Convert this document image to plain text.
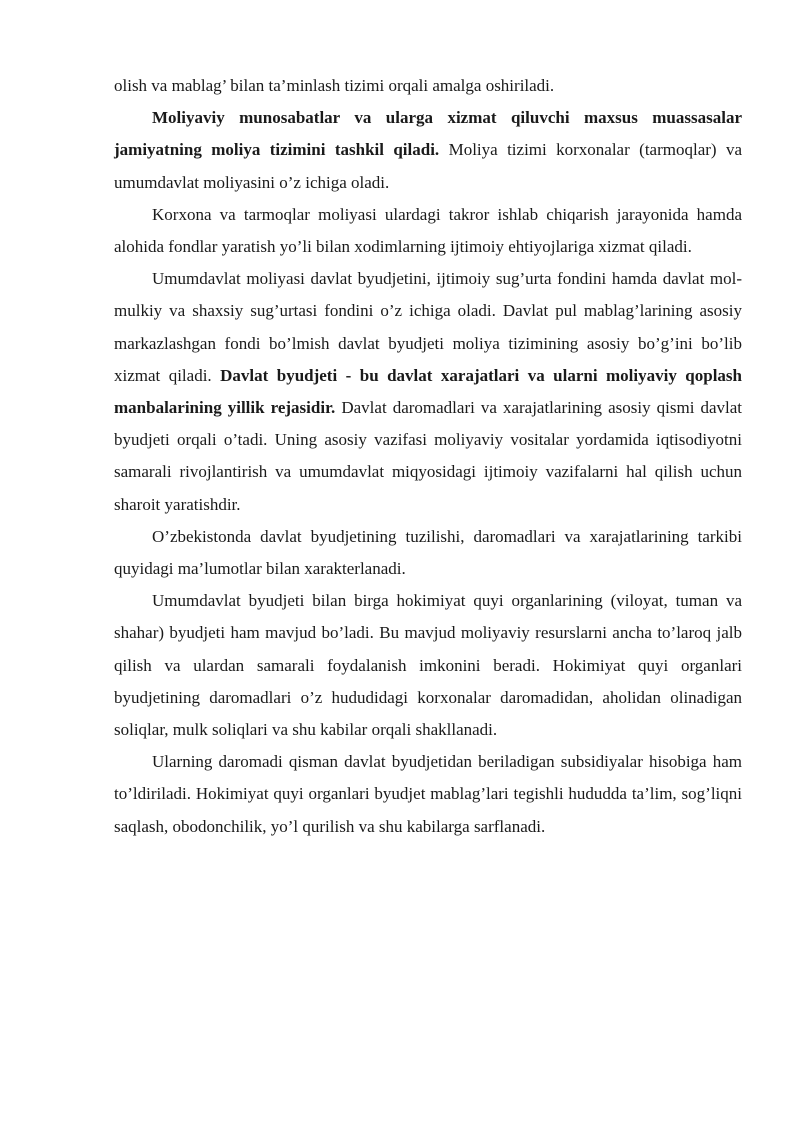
olish va mablag’ bilan ta’minlash tizimi orqali amalga oshiriladi.

Moliyaviy munosabatlar va ularga xizmat qiluvchi maxsus muassasalar jamiyatning moliya tizimini tashkil qiladi. Moliya tizimi korxonalar (tarmoqlar) va umumdavlat moliyasini o’z ichiga oladi.

Korxona va tarmoqlar moliyasi ulardagi takror ishlab chiqarish jarayonida hamda alohida fondlar yaratish yo’li bilan xodimlarning ijtimoiy ehtiyojlariga xizmat qiladi.

Umumdavlat moliyasi davlat byudjetini, ijtimoiy sug’urta fondini hamda davlat mol-mulkiy va shaxsiy sug’urtasi fondini o’z ichiga oladi. Davlat pul mablag’larining asosiy markazlashgan fondi bo’lmish davlat byudjeti moliya tizimining asosiy bo’g’ini bo’lib xizmat qiladi. Davlat byudjeti - bu davlat xarajatlari va ularni moliyaviy qoplash manbalarining yillik rejasidir. Davlat daromadlari va xarajatlarining asosiy qismi davlat byudjeti orqali o’tadi. Uning asosiy vazifasi moliyaviy vositalar yordamida iqtisodiyotni samarali rivojlantirish va umumdavlat miqyosidagi ijtimoiy vazifalarni hal qilish uchun sharoit yaratishdir.

O’zbekistonda davlat byudjetining tuzilishi, daromadlari va xarajatlarining tarkibi quyidagi ma’lumotlar bilan xarakterlanadi.

Umumdavlat byudjeti bilan birga hokimiyat quyi organlarining (viloyat, tuman va shahar) byudjeti ham mavjud bo’ladi. Bu mavjud moliyaviy resurslarni ancha to’laroq jalb qilish va ulardan samarali foydalanish imkonini beradi. Hokimiyat quyi organlari byudjetining daromadlari o’z hududidagi korxonalar daromadidan, aholidan olinadigan soliqlar, mulk soliqlari va shu kabilar orqali shakllanadi.

Ularning daromadi qisman davlat byudjetidan beriladigan subsidiyalar hisobiga ham to’ldiriladi. Hokimiyat quyi organlari byudjet mablag’lari tegishli hududda ta’lim, sog’liqni saqlash, obodonchilik, yo’l qurilish va shu kabilarga sarflanadi.
